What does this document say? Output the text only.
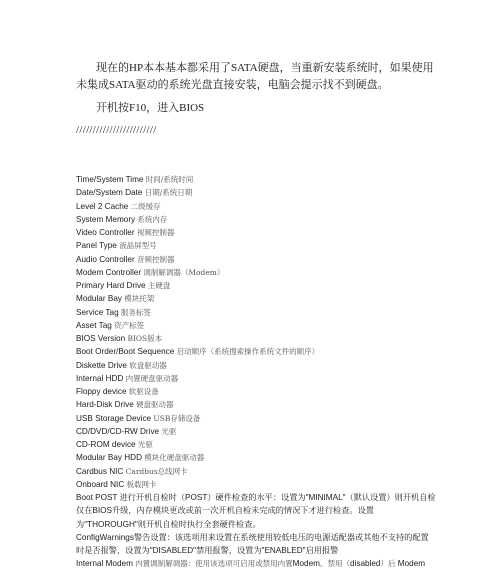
现在的HP本本基本都采用了SATA硬盘，当重新安装系统时，如果使用未集成SATA驱动的系统光盘直接安装，电脑会提示找不到硬盘。

开机按F10，进入BIOS

////////////////////////

Time/System Time 时间/系统时间
Date/System Date 日期/系统日期
Level 2 Cache 二级缓存
System Memory 系统内存
Video Controller 视频控制器
Panel Type 液晶屏型号
Audio Controller 音频控制器
Modem Controller 调制解调器（Modem）
Primary Hard Drive 主硬盘
Modular Bay 模块托架
Service Tag 服务标签
Asset Tag 资产标签
BIOS Version BIOS版本
Boot Order/Boot Sequence 启动顺序（系统搜索操作系统文件的顺序）
Diskette Drive 软盘驱动器
Internal HDD 内置硬盘驱动器
Floppy device 软驱设备
Hard-Disk Drive 硬盘驱动器
USB Storage Device USB存储设备
CD/DVD/CD-RW Drive 光驱
CD-ROM device 光驱
Modular Bay HDD 模块化硬盘驱动器
Cardbus NIC Cardbus总线网卡
Onboard NIC 板载网卡
Boot POST 进行开机自检时（POST）硬件检查的水平：设置为"MINIMAL"（默认设置）则开机自检仅在BIOS升级，内存模块更改或前一次开机自检未完成的情况下才进行检查。设置为"THOROUGH"则开机自检时执行全套硬件检查。
ConfigWarnings警告设置：该选项用来设置在系统使用较低电压的电源适配器或其他不支持的配置时是否报警，设置为"DISABLED"禁用报警，设置为"ENABLED"启用报警
Internal Modem 内置调制解调器：使用该选项可启用或禁用内置Modem。禁用（disabled）后 Modem
